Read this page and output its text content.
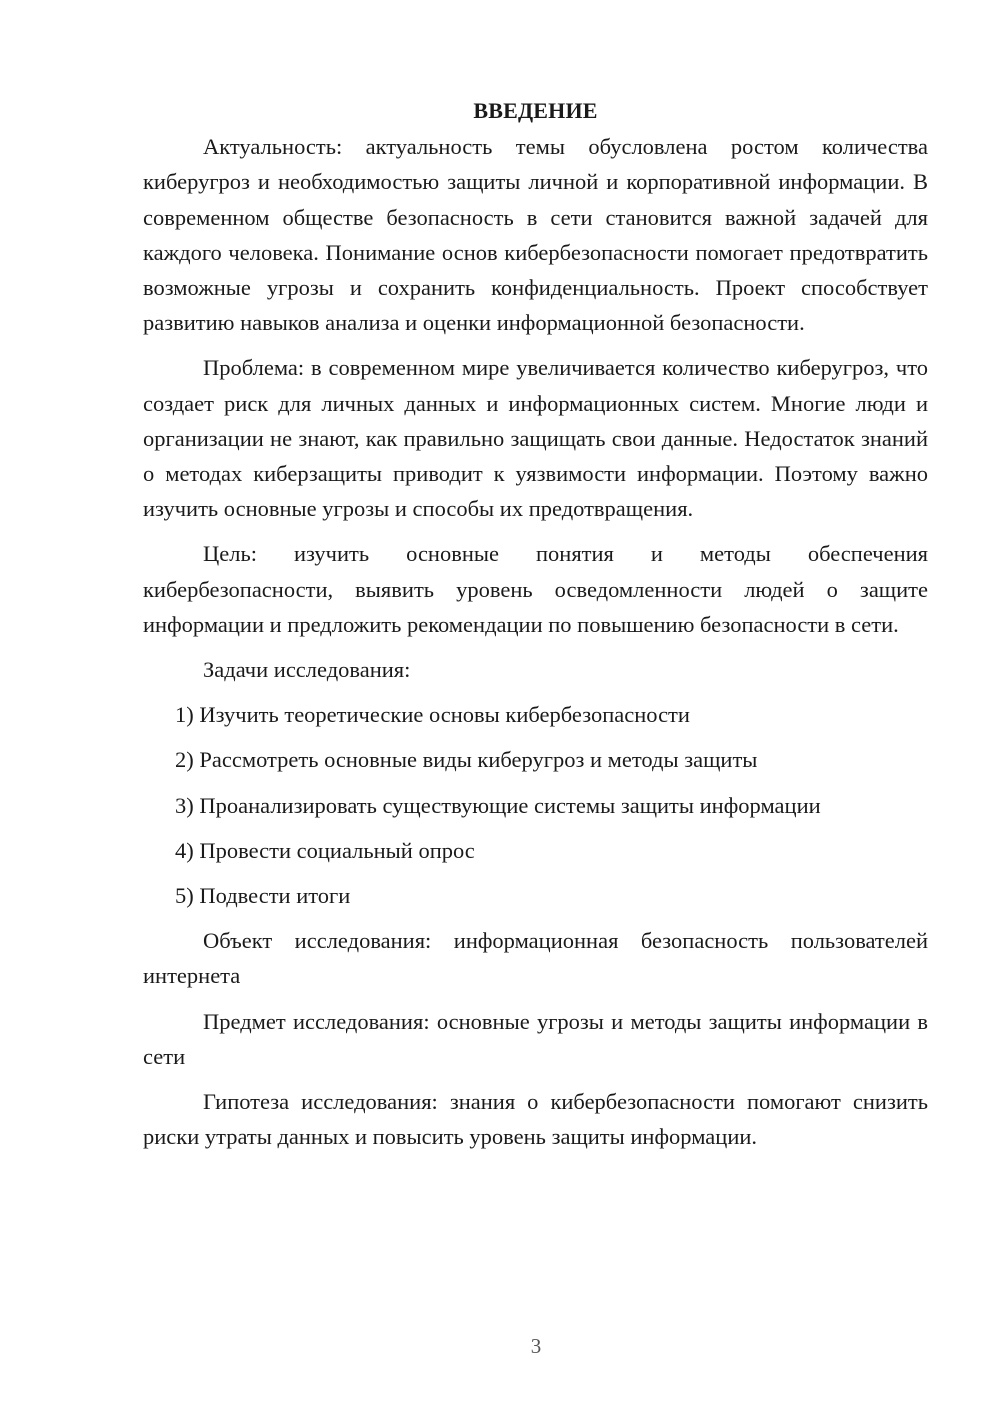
ВВЕДЕНИЕ

Актуальность: актуальность темы обусловлена ростом количества киберугроз и необходимостью защиты личной и корпоративной информации. В современном обществе безопасность в сети становится важной задачей для каждого человека. Понимание основ кибербезопасности помогает предотвратить возможные угрозы и сохранить конфиденциальность. Проект способствует развитию навыков анализа и оценки информационной безопасности.

Проблема: в современном мире увеличивается количество киберугроз, что создает риск для личных данных и информационных систем. Многие люди и организации не знают, как правильно защищать свои данные. Недостаток знаний о методах киберзащиты приводит к уязвимости информации. Поэтому важно изучить основные угрозы и способы их предотвращения.

Цель: изучить основные понятия и методы обеспечения кибербезопасности, выявить уровень осведомленности людей о защите информации и предложить рекомендации по повышению безопасности в сети.

Задачи исследования:

1) Изучить теоретические основы кибербезопасности
2) Рассмотреть основные виды киберугроз и методы защиты
3) Проанализировать существующие системы защиты информации
4) Провести социальный опрос
5) Подвести итоги

Объект исследования: информационная безопасность пользователей интернета

Предмет исследования: основные угрозы и методы защиты информации в сети

Гипотеза исследования: знания о кибербезопасности помогают снизить риски утраты данных и повысить уровень защиты информации.

3
